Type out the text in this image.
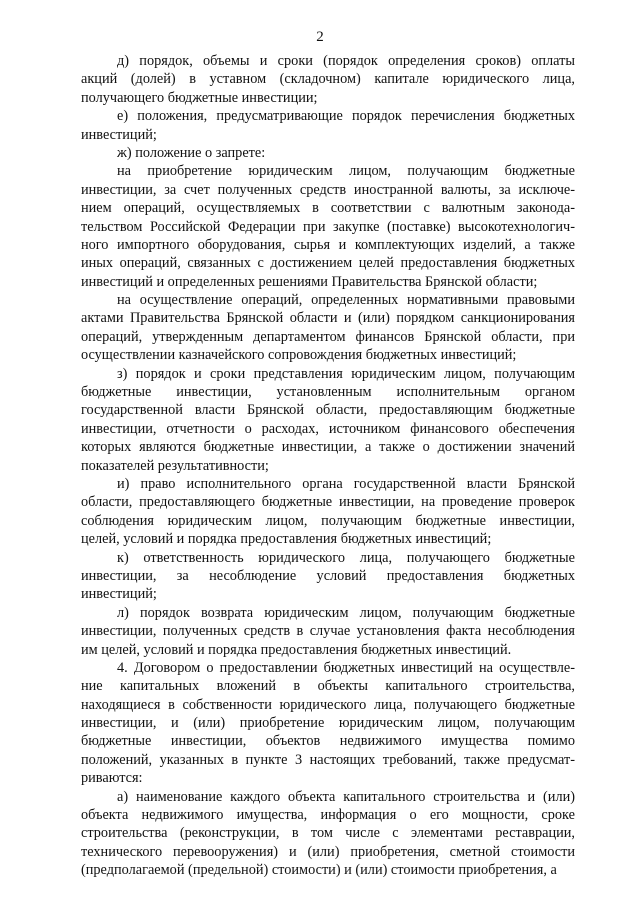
2

д) порядок, объемы и сроки (порядок определения сроков) оплаты
акций (долей) в уставном (складочном) капитале юридического лица,
получающего бюджетные инвестиции;

е) положения, предусматривающие порядок перечисления бюджетных
инвестиций;

ж) положение о запрете:

на приобретение юридическим лицом, получающим бюджетные
инвестиции, за счет полученных средств иностранной валюты, за исключе-
нием операций, осуществляемых в соответствии с валютным законода-
тельством Российской Федерации при закупке (поставке) высокотехнологич-
ного импортного оборудования, сырья и комплектующих изделий, а также
иных операций, связанных с достижением целей предоставления бюджетных
инвестиций и определенных решениями Правительства Брянской области;

на осуществление операций, определенных нормативными правовыми
актами Правительства Брянской области и (или) порядком санкционирования
операций, утвержденным департаментом финансов Брянской области, при
осуществлении казначейского сопровождения бюджетных инвестиций;

з) порядок и сроки представления юридическим лицом, получающим
бюджетные инвестиции, установленным исполнительным органом
государственной власти Брянской области, предоставляющим бюджетные
инвестиции, отчетности о расходах, источником финансового обеспечения
которых являются бюджетные инвестиции, а также о достижении значений
показателей результативности;

и) право исполнительного органа государственной власти Брянской
области, предоставляющего бюджетные инвестиции, на проведение проверок
соблюдения юридическим лицом, получающим бюджетные инвестиции,
целей, условий и порядка предоставления бюджетных инвестиций;

к) ответственность юридического лица, получающего бюджетные
инвестиции, за несоблюдение условий предоставления бюджетных
инвестиций;

л) порядок возврата юридическим лицом, получающим бюджетные
инвестиции, полученных средств в случае установления факта несоблюдения
им целей, условий и порядка предоставления бюджетных инвестиций.

4. Договором о предоставлении бюджетных инвестиций на осуществле-
ние капитальных вложений в объекты капитального строительства,
находящиеся в собственности юридического лица, получающего бюджетные
инвестиции, и (или) приобретение юридическим лицом, получающим
бюджетные инвестиции, объектов недвижимого имущества помимо
положений, указанных в пункте 3 настоящих требований, также предусмат-
риваются:

а) наименование каждого объекта капитального строительства и (или)
объекта недвижимого имущества, информация о его мощности, сроке
строительства (реконструкции, в том числе с элементами реставрации,
технического перевооружения) и (или) приобретения, сметной стоимости
(предполагаемой (предельной) стоимости) и (или) стоимости приобретения, а
